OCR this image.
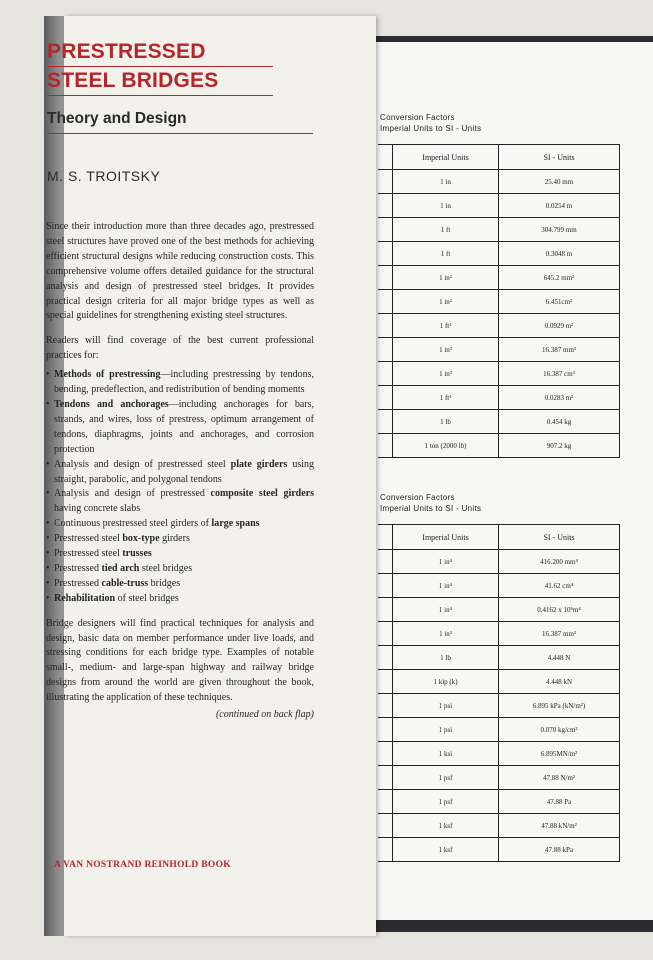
Conversion Factors
Imperial Units to SI - Units
	Imperial Units	SI - Units
	1 in	25.40 mm
	1 in	0.0254 m
	1 ft	304.799 mm
	1 ft	0.3048 m
	1 in²	645.2 mm²
	1 in²	6.451cm²
	1 ft²	0.0929 m²
	1 in³	16.387 mm³
	1 in³	16.387 cm³
	1 ft³	0.0283 m³
	1 lb	0.454 kg
	1 ton (2000 lb)	907.2 kg
Conversion Factors
Imperial Units to SI - Units
	Imperial Units	SI - Units
	1 in⁴	416.200 mm⁴
	1 in⁴	41.62 cm⁴
	1 in⁴	0.4162 x 10⁶m⁴
	1 in³	16.387 mm³
	1 lb	4.448 N
	1 kip (k)	4.448 kN
	1 psi	6.895 kPa (kN/m²)
	1 psi	0.070 kg/cm²
	1 ksi	6.895MN/m²
	1 psf	47.88 N/m²
	1 psf	47.88 Pa
	1 ksf	47.88 kN/m²
	1 ksf	47.88 kPa
PRESTRESSED
STEEL BRIDGES
Theory and Design
M. S. TROITSKY

Since their introduction more than three decades ago, prestressed steel structures have proved one of the best methods for achieving efficient structural designs while reducing construction costs. This comprehensive volume offers detailed guidance for the structural analysis and design of prestressed steel bridges. It provides practical design criteria for all major bridge types as well as special guidelines for strengthening existing steel structures.

Readers will find coverage of the best current professional practices for:

• Methods of prestressing—including prestressing by tendons, bending, predeflection, and redistribution of bending moments
• Tendons and anchorages—including anchorages for bars, strands, and wires, loss of prestress, optimum arrangement of tendons, diaphragms, joints and anchorages, and corrosion protection
• Analysis and design of prestressed steel plate girders using straight, parabolic, and polygonal tendons
• Analysis and design of prestressed composite steel girders having concrete slabs
• Continuous prestressed steel girders of large spans
• Prestressed steel box-type girders
• Prestressed steel trusses
• Prestressed tied arch steel bridges
• Prestressed cable-truss bridges
• Rehabilitation of steel bridges

Bridge designers will find practical techniques for analysis and design, basic data on member performance under live loads, and stressing conditions for each bridge type. Examples of notable small-, medium- and large-span highway and railway bridge designs from around the world are given throughout the book, illustrating the application of these techniques.

(continued on back flap)
A VAN NOSTRAND REINHOLD BOOK
